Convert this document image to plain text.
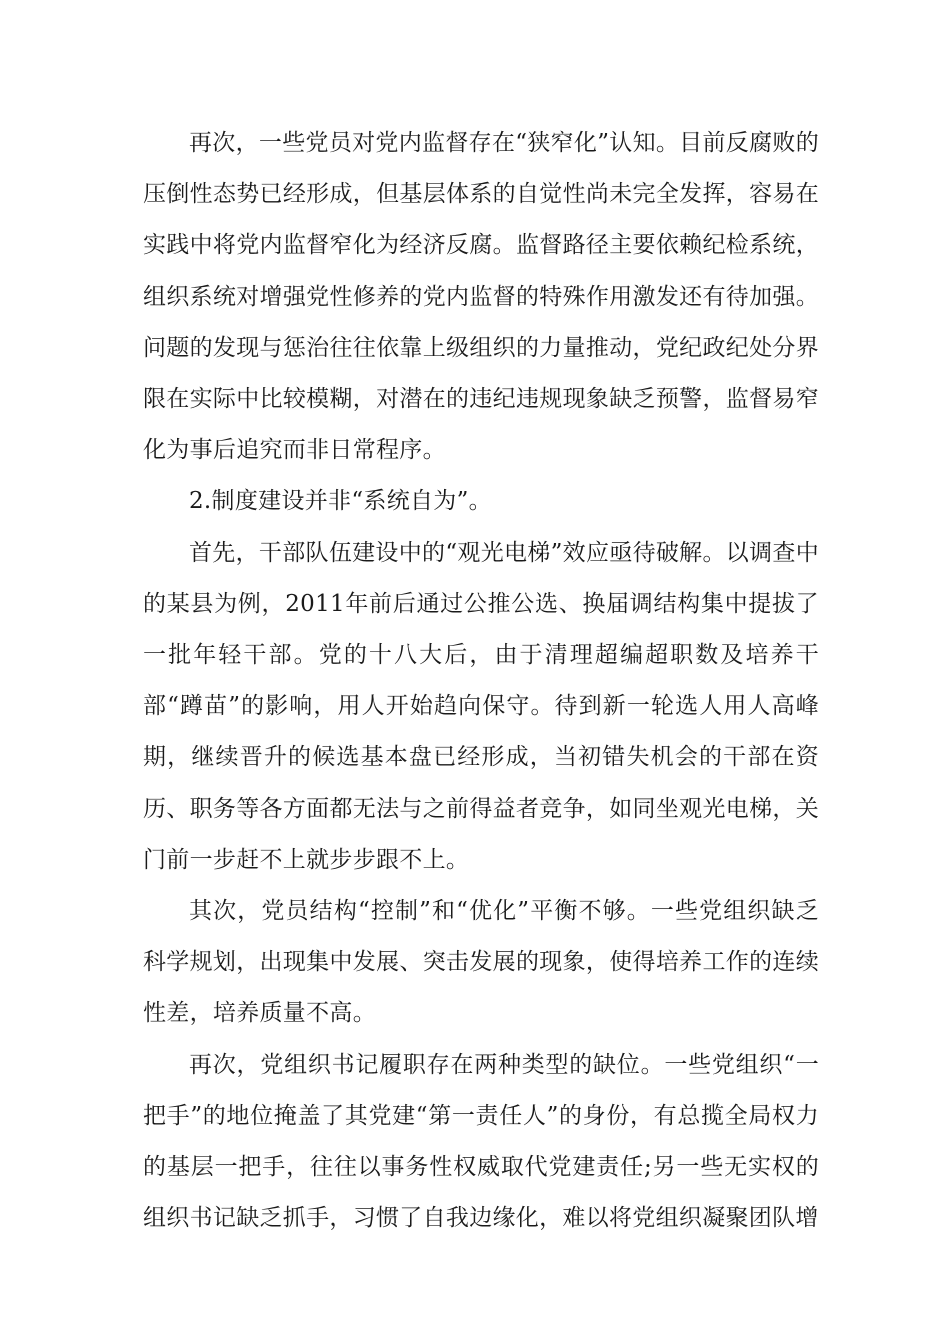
再次，一些党员对党内监督存在“狭窄化”认知。目前反腐败的压倒性态势已经形成，但基层体系的自觉性尚未完全发挥，容易在实践中将党内监督窄化为经济反腐。监督路径主要依赖纪检系统，组织系统对增强党性修养的党内监督的特殊作用激发还有待加强。问题的发现与惩治往往依靠上级组织的力量推动，党纪政纪处分界限在实际中比较模糊，对潜在的违纪违规现象缺乏预警，监督易窄化为事后追究而非日常程序。

2.制度建设并非“系统自为”。

首先，干部队伍建设中的“观光电梯”效应亟待破解。以调查中的某县为例，2011年前后通过公推公选、换届调结构集中提拔了一批年轻干部。党的十八大后，由于清理超编超职数及培养干部“蹲苗”的影响，用人开始趋向保守。待到新一轮选人用人高峰期，继续晋升的候选基本盘已经形成，当初错失机会的干部在资历、职务等各方面都无法与之前得益者竞争，如同坐观光电梯，关门前一步赶不上就步步跟不上。

其次，党员结构“控制”和“优化”平衡不够。一些党组织缺乏科学规划，出现集中发展、突击发展的现象，使得培养工作的连续性差，培养质量不高。

再次，党组织书记履职存在两种类型的缺位。一些党组织“一把手”的地位掩盖了其党建“第一责任人”的身份，有总揽全局权力的基层一把手，往往以事务性权威取代党建责任;另一些无实权的组织书记缺乏抓手，习惯了自我边缘化，难以将党组织凝聚团队增
